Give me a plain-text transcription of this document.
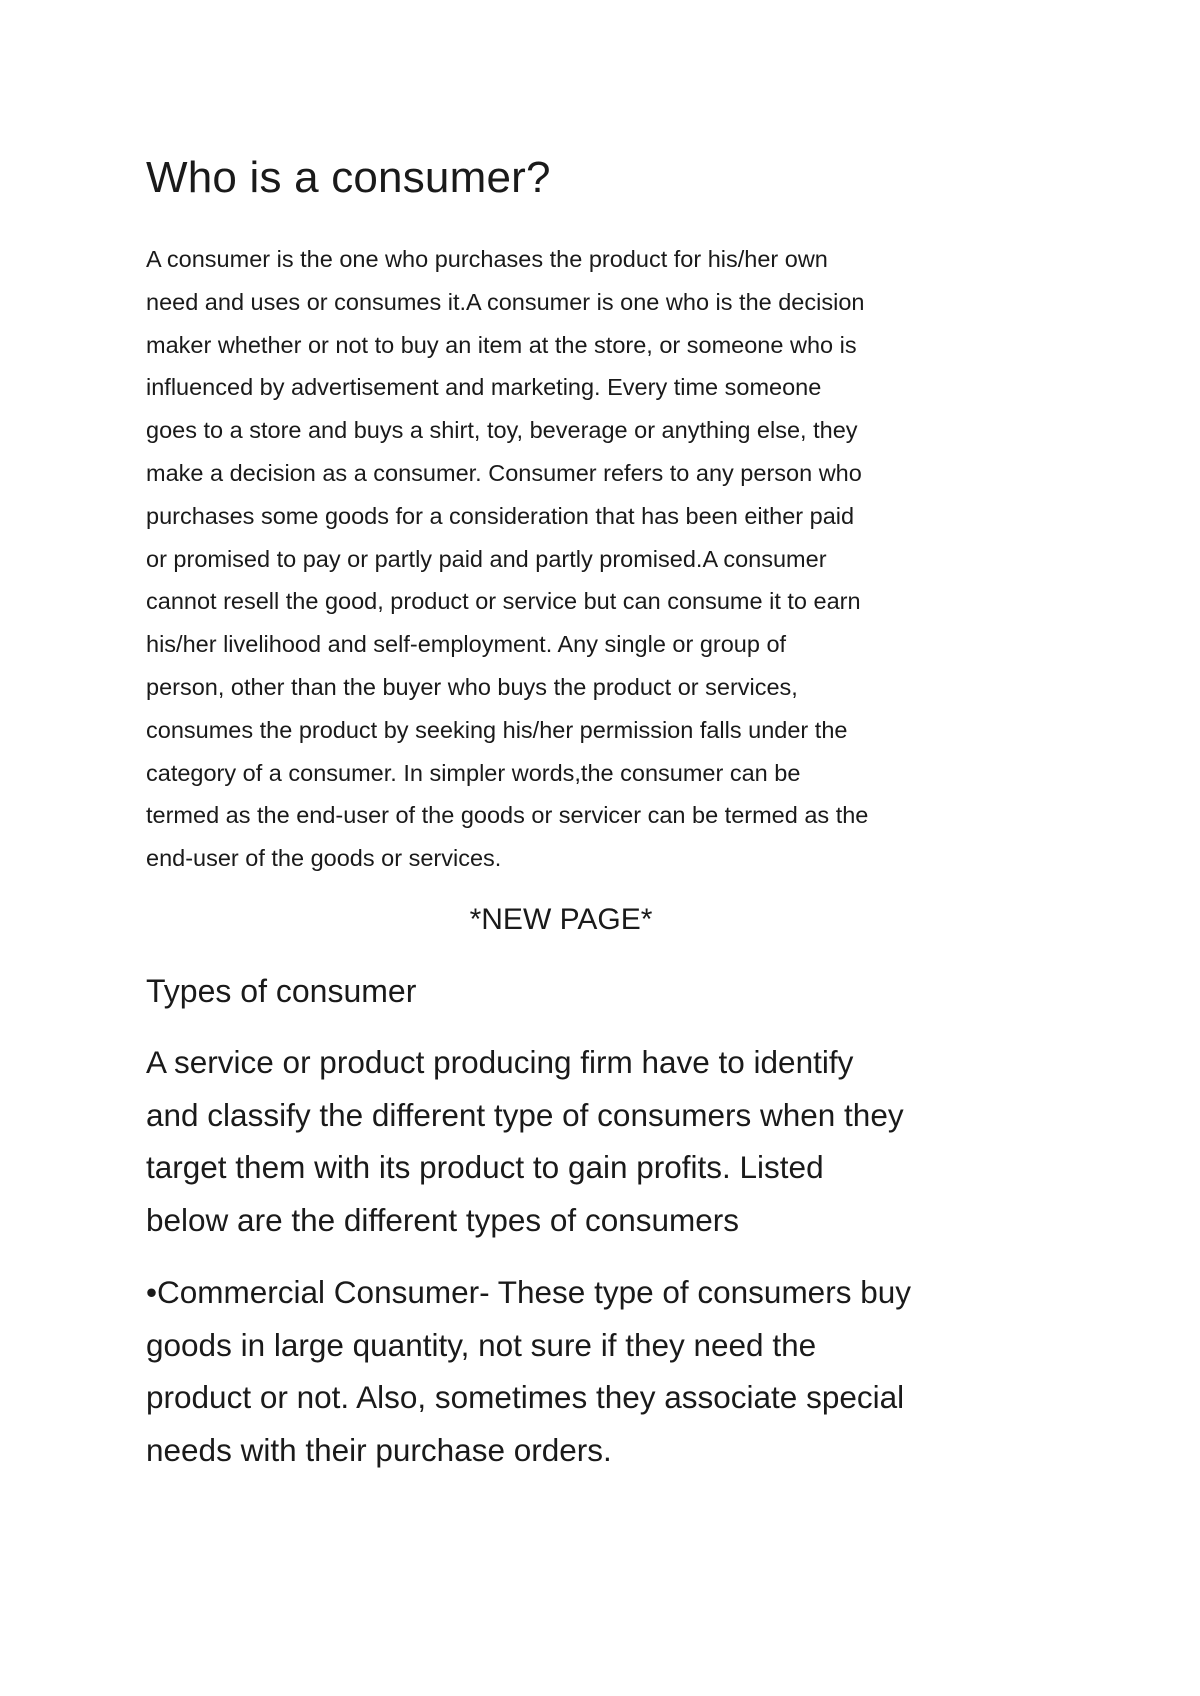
Who is a consumer?
A consumer is the one who purchases the product for his/her own
need and uses or consumes it.A consumer is one who is the decision
maker whether or not to buy an item at the store, or someone who is
influenced by advertisement and marketing. Every time someone
goes to a store and buys a shirt, toy, beverage or anything else, they
make a decision as a consumer. Consumer refers to any person who
purchases some goods for a consideration that has been either paid
or promised to pay or partly paid and partly promised.A consumer
cannot resell the good, product or service but can consume it to earn
his/her livelihood and self-employment. Any single or group of
person, other than the buyer who buys the product or services,
consumes the product by seeking his/her permission falls under the
category of a consumer. In simpler words,the consumer can be
termed as the end-user of the goods or servicer can be termed as the
end-user of the goods or services.

*NEW PAGE*

Types of consumer
A service or product producing firm have to identify
and classify the different type of consumers when they
target them with its product to gain profits. Listed
below are the different types of consumers
•Commercial Consumer- These type of consumers buy
goods in large quantity, not sure if they need the
product or not. Also, sometimes they associate special
needs with their purchase orders.
